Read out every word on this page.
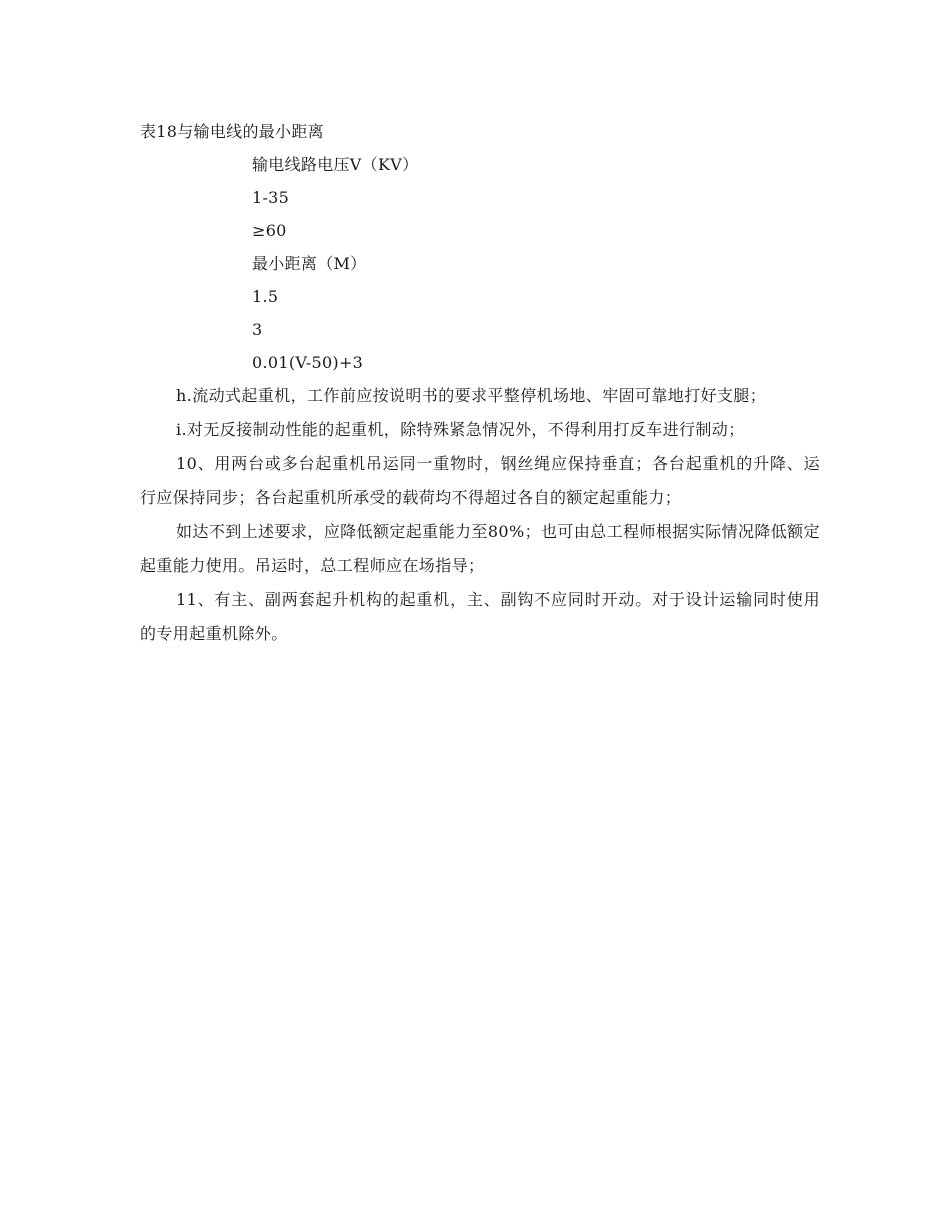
表18与输电线的最小距离
输电线路电压V（KV）
1-35
≥60
最小距离（M）
1.5
3
0.01(V-50)+3
h.流动式起重机，工作前应按说明书的要求平整停机场地、牢固可靠地打好支腿；
i.对无反接制动性能的起重机，除特殊紧急情况外，不得利用打反车进行制动；
10、用两台或多台起重机吊运同一重物时，钢丝绳应保持垂直；各台起重机的升降、运行应保持同步；各台起重机所承受的载荷均不得超过各自的额定起重能力；
如达不到上述要求，应降低额定起重能力至80%；也可由总工程师根据实际情况降低额定起重能力使用。吊运时，总工程师应在场指导；
11、有主、副两套起升机构的起重机，主、副钩不应同时开动。对于设计运输同时使用的专用起重机除外。
